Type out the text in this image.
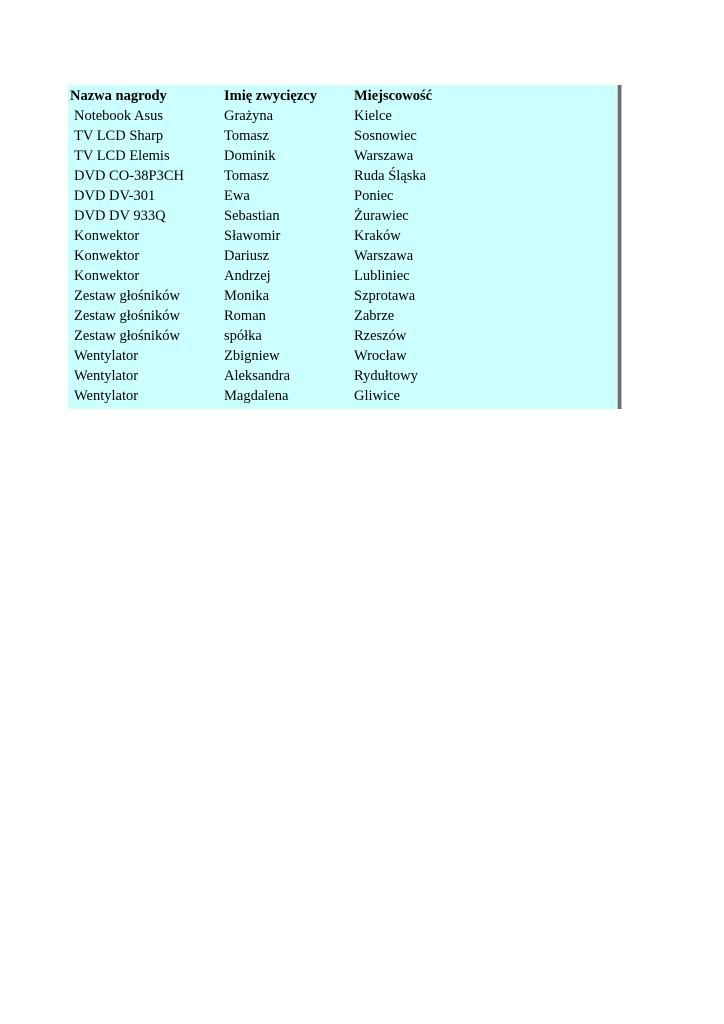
Nazwa nagrody	Imię zwycięzcy	Miejscowość
Notebook Asus	Grażyna	Kielce
TV LCD Sharp	Tomasz	Sosnowiec
TV LCD Elemis	Dominik	Warszawa
DVD CO-38P3CH	Tomasz	Ruda Śląska
DVD DV-301	Ewa	Poniec
DVD DV 933Q	Sebastian	Żurawiec
Konwektor	Sławomir	Kraków
Konwektor	Dariusz	Warszawa
Konwektor	Andrzej	Lubliniec
Zestaw głośników	Monika	Szprotawa
Zestaw głośników	Roman	Zabrze
Zestaw głośników	spółka	Rzeszów
Wentylator	Zbigniew	Wrocław
Wentylator	Aleksandra	Rydułtowy
Wentylator	Magdalena	Gliwice
